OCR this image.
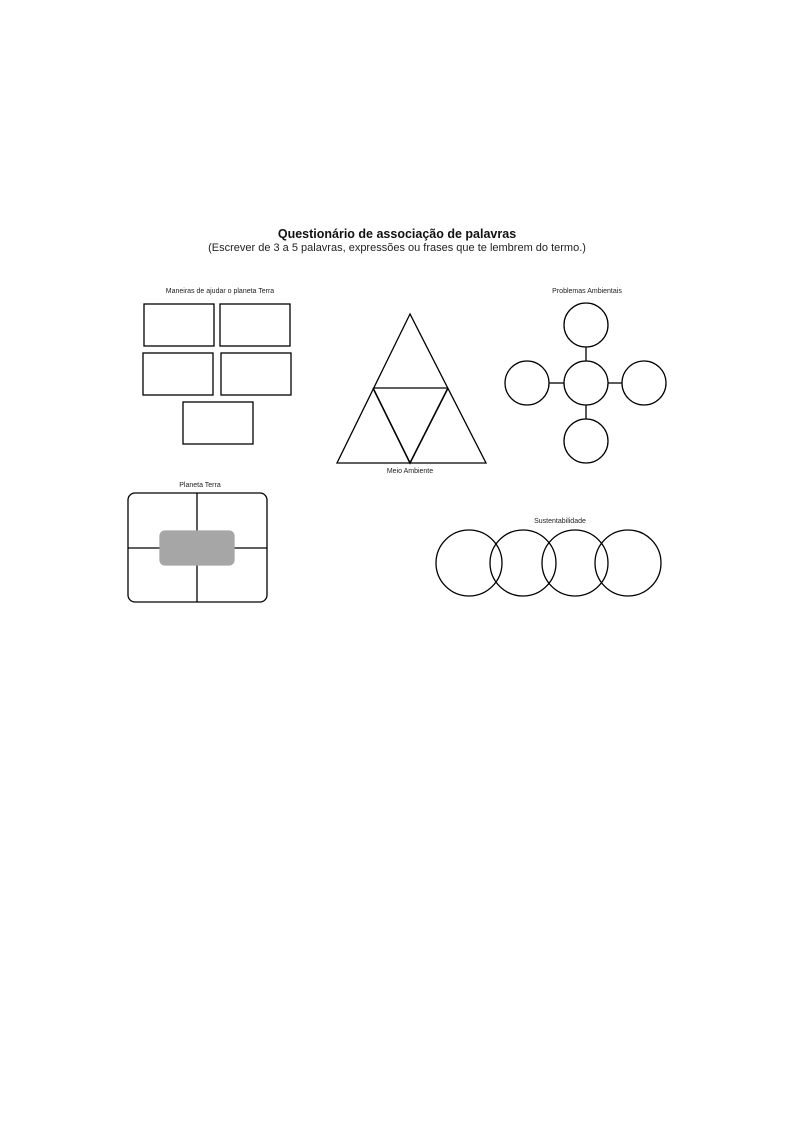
Questionário de associação de palavras
(Escrever de 3 a 5 palavras, expressões ou frases que te lembrem do termo.)
Maneiras de ajudar o planeta Terra	Problemas Ambientais
Meio Ambiente
Planeta Terra
Sustentabilidade
